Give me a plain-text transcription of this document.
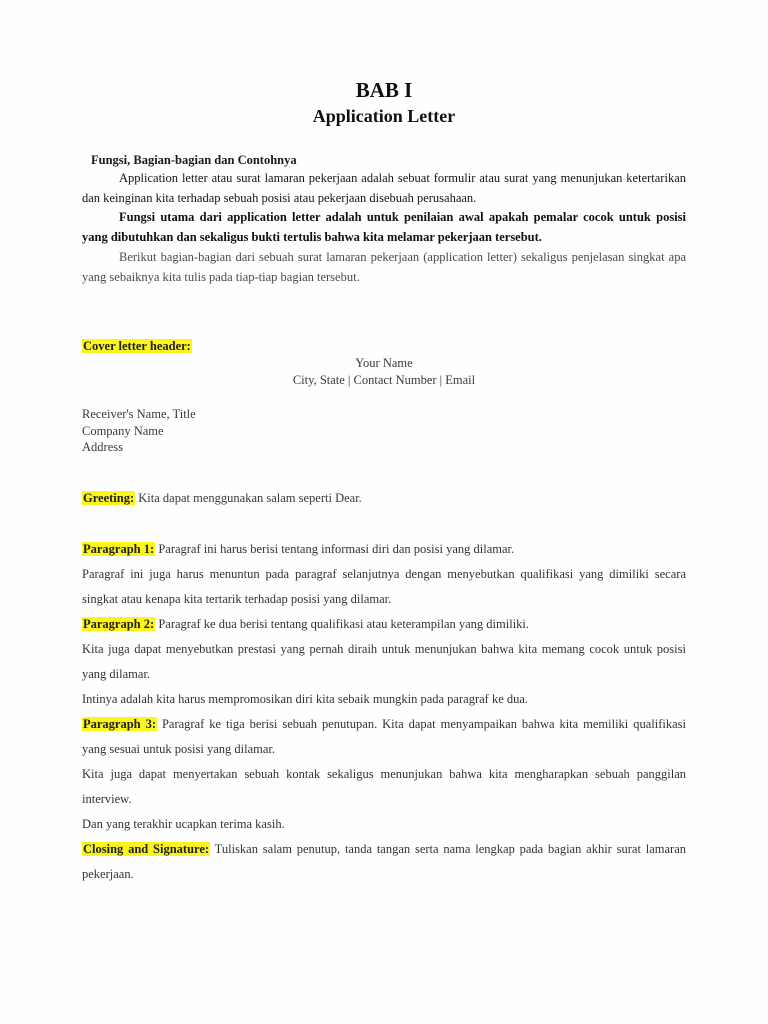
BAB I
Application Letter
Fungsi, Bagian-bagian dan Contohnya

Application letter atau surat lamaran pekerjaan adalah sebuat formulir atau surat yang menunjukan ketertarikan dan keinginan kita terhadap sebuah posisi atau pekerjaan disebuah perusahaan.

Fungsi utama dari application letter adalah untuk penilaian awal apakah pemalar cocok untuk posisi yang dibutuhkan dan sekaligus bukti tertulis bahwa kita melamar pekerjaan tersebut.

Berikut bagian-bagian dari sebuah surat lamaran pekerjaan (application letter) sekaligus penjelasan singkat apa yang sebaiknya kita tulis pada tiap-tiap bagian tersebut.

Cover letter header:
Your Name
City, State | Contact Number | Email
Receiver's Name, Title
Company Name
Address
Greeting: Kita dapat menggunakan salam seperti Dear.

Paragraph 1: Paragraf ini harus berisi tentang informasi diri dan posisi yang dilamar.

Paragraf ini juga harus menuntun pada paragraf selanjutnya dengan menyebutkan qualifikasi yang dimiliki secara singkat atau kenapa kita tertarik terhadap posisi yang dilamar.

Paragraph 2: Paragraf ke dua berisi tentang qualifikasi atau keterampilan yang dimiliki.

Kita juga dapat menyebutkan prestasi yang pernah diraih untuk menunjukan bahwa kita memang cocok untuk posisi yang dilamar.

Intinya adalah kita harus mempromosikan diri kita sebaik mungkin pada paragraf ke dua.

Paragraph 3: Paragraf ke tiga berisi sebuah penutupan. Kita dapat menyampaikan bahwa kita memiliki qualifikasi yang sesuai untuk posisi yang dilamar.

Kita juga dapat menyertakan sebuah kontak sekaligus menunjukan bahwa kita mengharapkan sebuah panggilan interview.

Dan yang terakhir ucapkan terima kasih.

Closing and Signature: Tuliskan salam penutup, tanda tangan serta nama lengkap pada bagian akhir surat lamaran pekerjaan.
